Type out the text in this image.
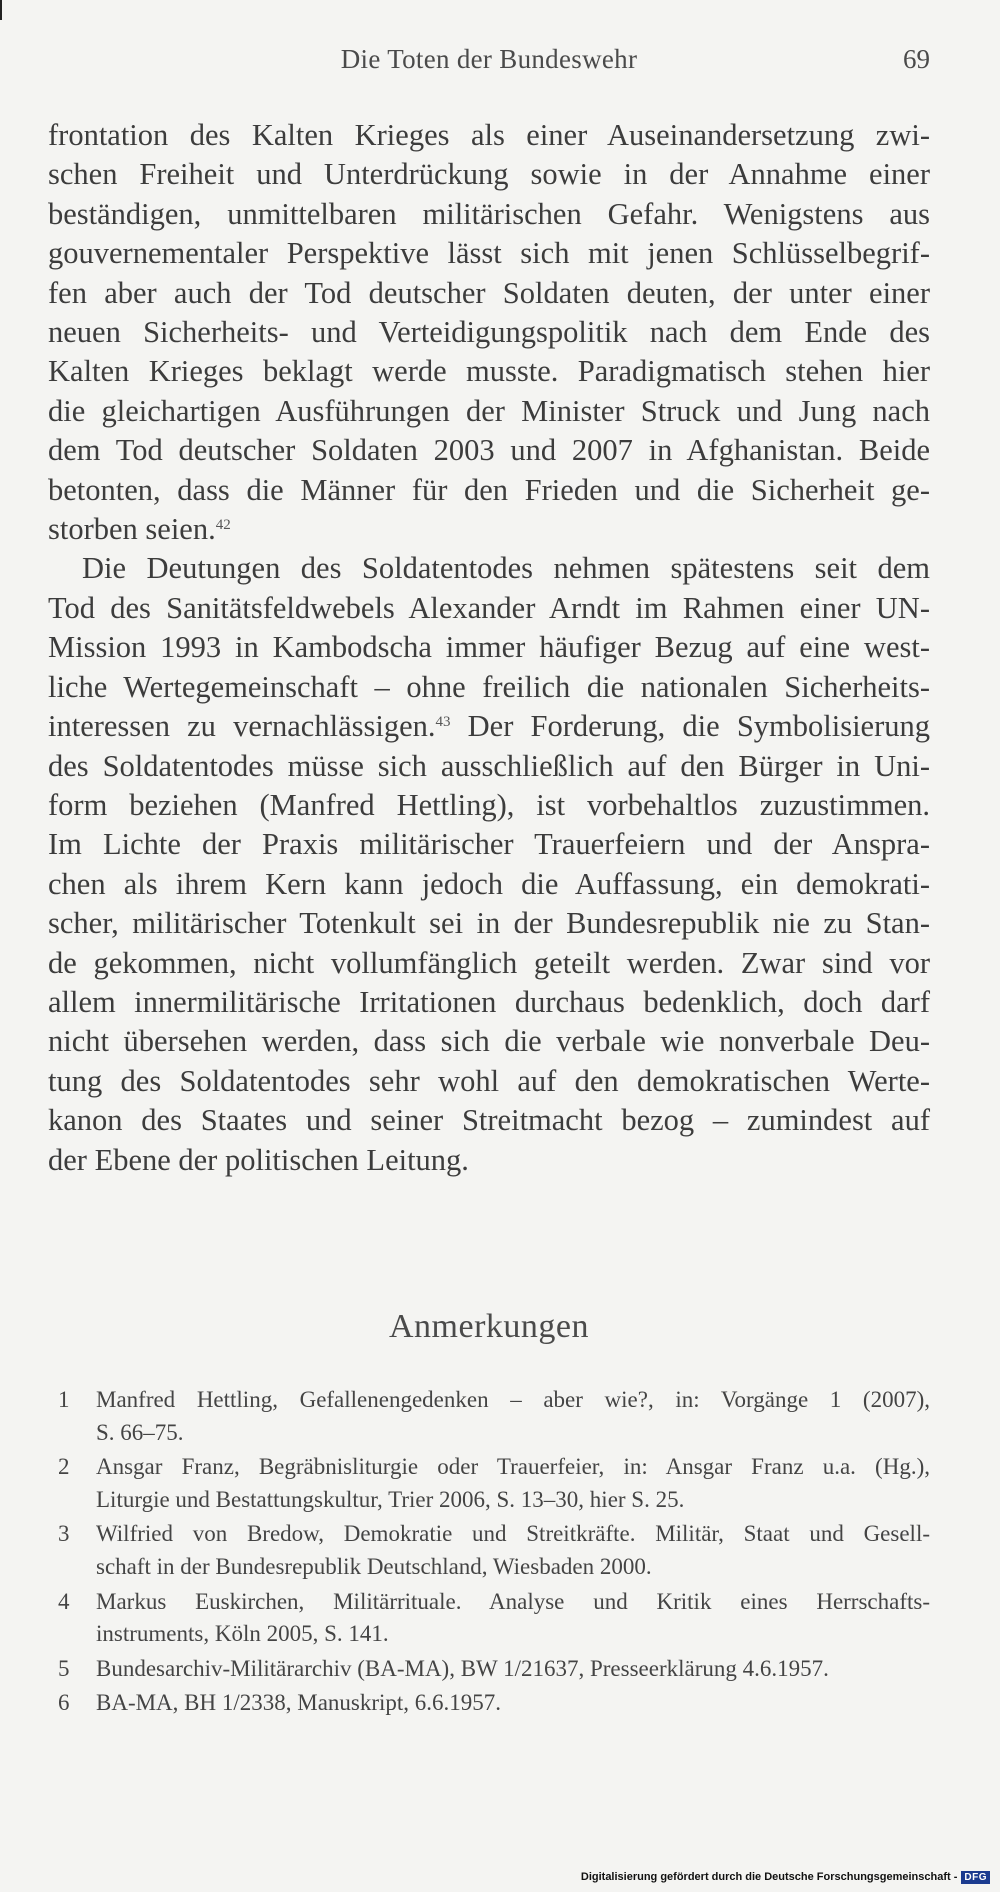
Die Toten der Bundeswehr	69
frontation des Kalten Krieges als einer Auseinandersetzung zwi-
schen Freiheit und Unterdrückung sowie in der Annahme einer
beständigen, unmittelbaren militärischen Gefahr. Wenigstens aus
gouvernementaler Perspektive lässt sich mit jenen Schlüsselbegrif-
fen aber auch der Tod deutscher Soldaten deuten, der unter einer
neuen Sicherheits- und Verteidigungspolitik nach dem Ende des
Kalten Krieges beklagt werde musste. Paradigmatisch stehen hier
die gleichartigen Ausführungen der Minister Struck und Jung nach
dem Tod deutscher Soldaten 2003 und 2007 in Afghanistan. Beide
betonten, dass die Männer für den Frieden und die Sicherheit ge-
storben seien.$^{42}$
Die Deutungen des Soldatentodes nehmen spätestens seit dem
Tod des Sanitätsfeldwebels Alexander Arndt im Rahmen einer UN-
Mission 1993 in Kambodscha immer häufiger Bezug auf eine west-
liche Wertegemeinschaft – ohne freilich die nationalen Sicherheits-
interessen zu vernachlässigen.$^{43}$ Der Forderung, die Symbolisierung
des Soldatentodes müsse sich ausschließlich auf den Bürger in Uni-
form beziehen (Manfred Hettling), ist vorbehaltlos zuzustimmen.
Im Lichte der Praxis militärischer Trauerfeiern und der Anspra-
chen als ihrem Kern kann jedoch die Auffassung, ein demokrati-
scher, militärischer Totenkult sei in der Bundesrepublik nie zu Stan-
de gekommen, nicht vollumfänglich geteilt werden. Zwar sind vor
allem innermilitärische Irritationen durchaus bedenklich, doch darf
nicht übersehen werden, dass sich die verbale wie nonverbale Deu-
tung des Soldatentodes sehr wohl auf den demokratischen Werte-
kanon des Staates und seiner Streitmacht bezog – zumindest auf
der Ebene der politischen Leitung.
Anmerkungen
1 Manfred Hettling, Gefallenengedenken – aber wie?, in: Vorgänge 1 (2007),
S. 66–75.
2 Ansgar Franz, Begräbnisliturgie oder Trauerfeier, in: Ansgar Franz u.a. (Hg.),
Liturgie und Bestattungskultur, Trier 2006, S. 13–30, hier S. 25.
3 Wilfried von Bredow, Demokratie und Streitkräfte. Militär, Staat und Gesell-
schaft in der Bundesrepublik Deutschland, Wiesbaden 2000.
4 Markus Euskirchen, Militärrituale. Analyse und Kritik eines Herrschafts-
instruments, Köln 2005, S. 141.
5 Bundesarchiv-Militärarchiv (BA-MA), BW 1/21637, Presseerklärung 4.6.1957.
6 BA-MA, BH 1/2338, Manuskript, 6.6.1957.
Digitalisierung gefördert durch die Deutsche Forschungsgemeinschaft - DFG
